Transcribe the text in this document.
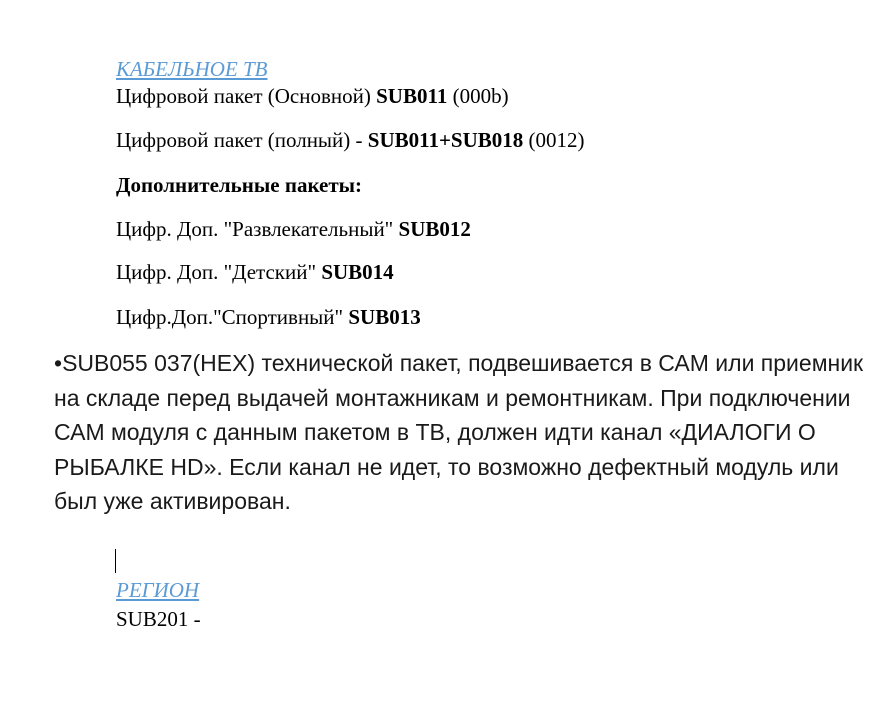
КАБЕЛЬНОЕ ТВ
Цифровой пакет (Основной) SUB011 (000b)
Цифровой пакет (полный) - SUB011+SUB018 (0012)
Дополнительные пакеты:
Цифр. Доп. "Развлекательный" SUB012
Цифр. Доп. "Детский" SUB014
Цифр.Доп."Спортивный" SUB013
•SUB055 037(HEX) технической пакет, подвешивается в САМ или приемник на складе перед выдачей монтажникам и ремонтникам. При подключении САМ модуля с данным пакетом в ТВ, должен идти канал «ДИАЛОГИ О РЫБАЛКЕ HD». Если канал не идет, то возможно дефектный модуль или был уже активирован.
РЕГИОН
SUB201 -
